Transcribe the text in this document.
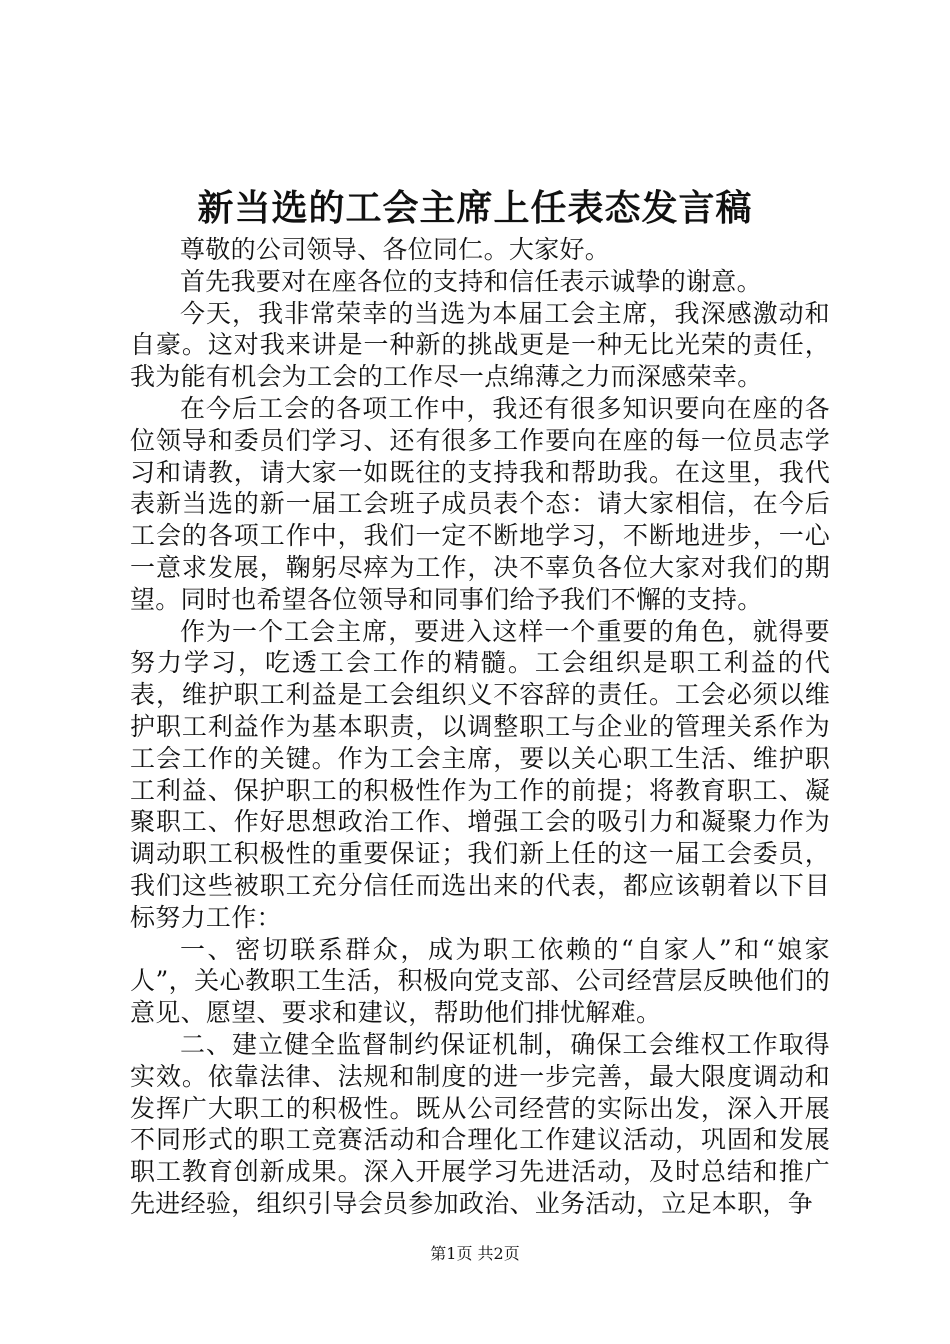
新当选的工会主席上任表态发言稿

尊敬的公司领导、各位同仁。大家好。

首先我要对在座各位的支持和信任表示诚挚的谢意。

今天，我非常荣幸的当选为本届工会主席，我深感激动和自豪。这对我来讲是一种新的挑战更是一种无比光荣的责任，我为能有机会为工会的工作尽一点绵薄之力而深感荣幸。

在今后工会的各项工作中，我还有很多知识要向在座的各位领导和委员们学习、还有很多工作要向在座的每一位员志学习和请教，请大家一如既往的支持我和帮助我。在这里，我代表新当选的新一届工会班子成员表个态：请大家相信，在今后工会的各项工作中，我们一定不断地学习，不断地进步，一心一意求发展，鞠躬尽瘁为工作，决不辜负各位大家对我们的期望。同时也希望各位领导和同事们给予我们不懈的支持。

作为一个工会主席，要进入这样一个重要的角色，就得要努力学习，吃透工会工作的精髓。工会组织是职工利益的代表，维护职工利益是工会组织义不容辞的责任。工会必须以维护职工利益作为基本职责，以调整职工与企业的管理关系作为工会工作的关键。作为工会主席，要以关心职工生活、维护职工利益、保护职工的积极性作为工作的前提；将教育职工、凝聚职工、作好思想政治工作、增强工会的吸引力和凝聚力作为调动职工积极性的重要保证；我们新上任的这一届工会委员，我们这些被职工充分信任而选出来的代表，都应该朝着以下目标努力工作：

一、密切联系群众，成为职工依赖的“自家人”和“娘家人”，关心教职工生活，积极向党支部、公司经营层反映他们的意见、愿望、要求和建议，帮助他们排忧解难。

二、建立健全监督制约保证机制，确保工会维权工作取得实效。依靠法律、法规和制度的进一步完善，最大限度调动和发挥广大职工的积极性。既从公司经营的实际出发，深入开展不同形式的职工竞赛活动和合理化工作建议活动，巩固和发展职工教育创新成果。深入开展学习先进活动，及时总结和推广先进经验，组织引导会员参加政治、业务活动，立足本职，争

第1页 共2页
